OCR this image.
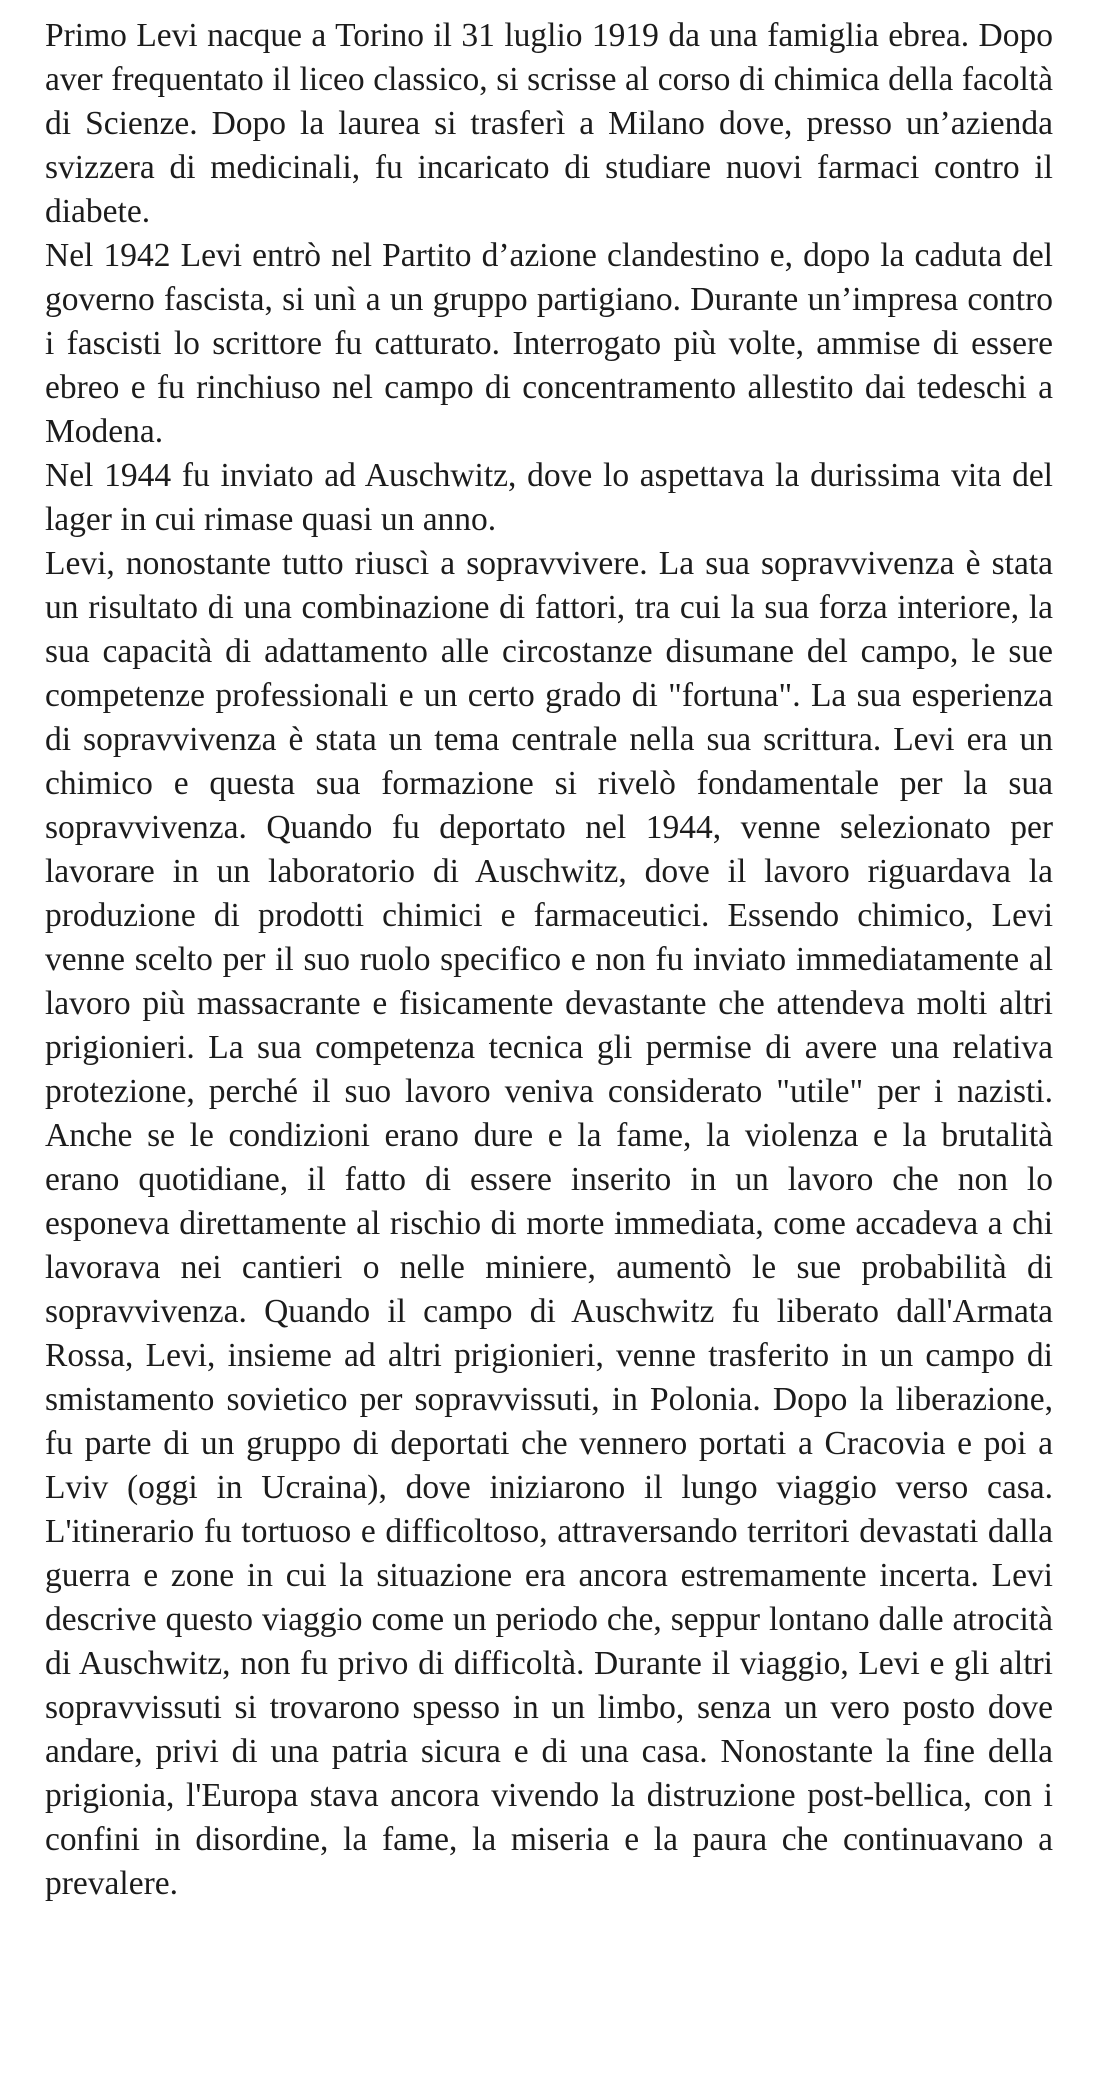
Primo Levi nacque a Torino il 31 luglio 1919 da una famiglia ebrea. Dopo aver frequentato il liceo classico, si scrisse al corso di chimica della facoltà di Scienze. Dopo la laurea si trasferì a Milano dove, presso un’azienda svizzera di medicinali, fu incaricato di studiare nuovi farmaci contro il diabete.

Nel 1942 Levi entrò nel Partito d’azione clandestino e, dopo la caduta del governo fascista, si unì a un gruppo partigiano. Durante un’impresa contro i fascisti lo scrittore fu catturato. Interrogato più volte, ammise di essere ebreo e fu rinchiuso nel campo di concentramento allestito dai tedeschi a Modena.

Nel 1944 fu inviato ad Auschwitz, dove lo aspettava la durissima vita del lager in cui rimase quasi un anno.

Levi, nonostante tutto riuscì a sopravvivere. La sua sopravvivenza è stata un risultato di una combinazione di fattori, tra cui la sua forza interiore, la sua capacità di adattamento alle circostanze disumane del campo, le sue competenze professionali e un certo grado di "fortuna". La sua esperienza di sopravvivenza è stata un tema centrale nella sua scrittura. Levi era un chimico e questa sua formazione si rivelò fondamentale per la sua sopravvivenza. Quando fu deportato nel 1944, venne selezionato per lavorare in un laboratorio di Auschwitz, dove il lavoro riguardava la produzione di prodotti chimici e farmaceutici. Essendo chimico, Levi venne scelto per il suo ruolo specifico e non fu inviato immediatamente al lavoro più massacrante e fisicamente devastante che attendeva molti altri prigionieri. La sua competenza tecnica gli permise di avere una relativa protezione, perché il suo lavoro veniva considerato "utile" per i nazisti. Anche se le condizioni erano dure e la fame, la violenza e la brutalità erano quotidiane, il fatto di essere inserito in un lavoro che non lo esponeva direttamente al rischio di morte immediata, come accadeva a chi lavorava nei cantieri o nelle miniere, aumentò le sue probabilità di sopravvivenza. Quando il campo di Auschwitz fu liberato dall'Armata Rossa, Levi, insieme ad altri prigionieri, venne trasferito in un campo di smistamento sovietico per sopravvissuti, in Polonia. Dopo la liberazione, fu parte di un gruppo di deportati che vennero portati a Cracovia e poi a Lviv (oggi in Ucraina), dove iniziarono il lungo viaggio verso casa. L'itinerario fu tortuoso e difficoltoso, attraversando territori devastati dalla guerra e zone in cui la situazione era ancora estremamente incerta. Levi descrive questo viaggio come un periodo che, seppur lontano dalle atrocità di Auschwitz, non fu privo di difficoltà. Durante il viaggio, Levi e gli altri sopravvissuti si trovarono spesso in un limbo, senza un vero posto dove andare, privi di una patria sicura e di una casa. Nonostante la fine della prigionia, l'Europa stava ancora vivendo la distruzione post-bellica, con i confini in disordine, la fame, la miseria e la paura che continuavano a prevalere.
